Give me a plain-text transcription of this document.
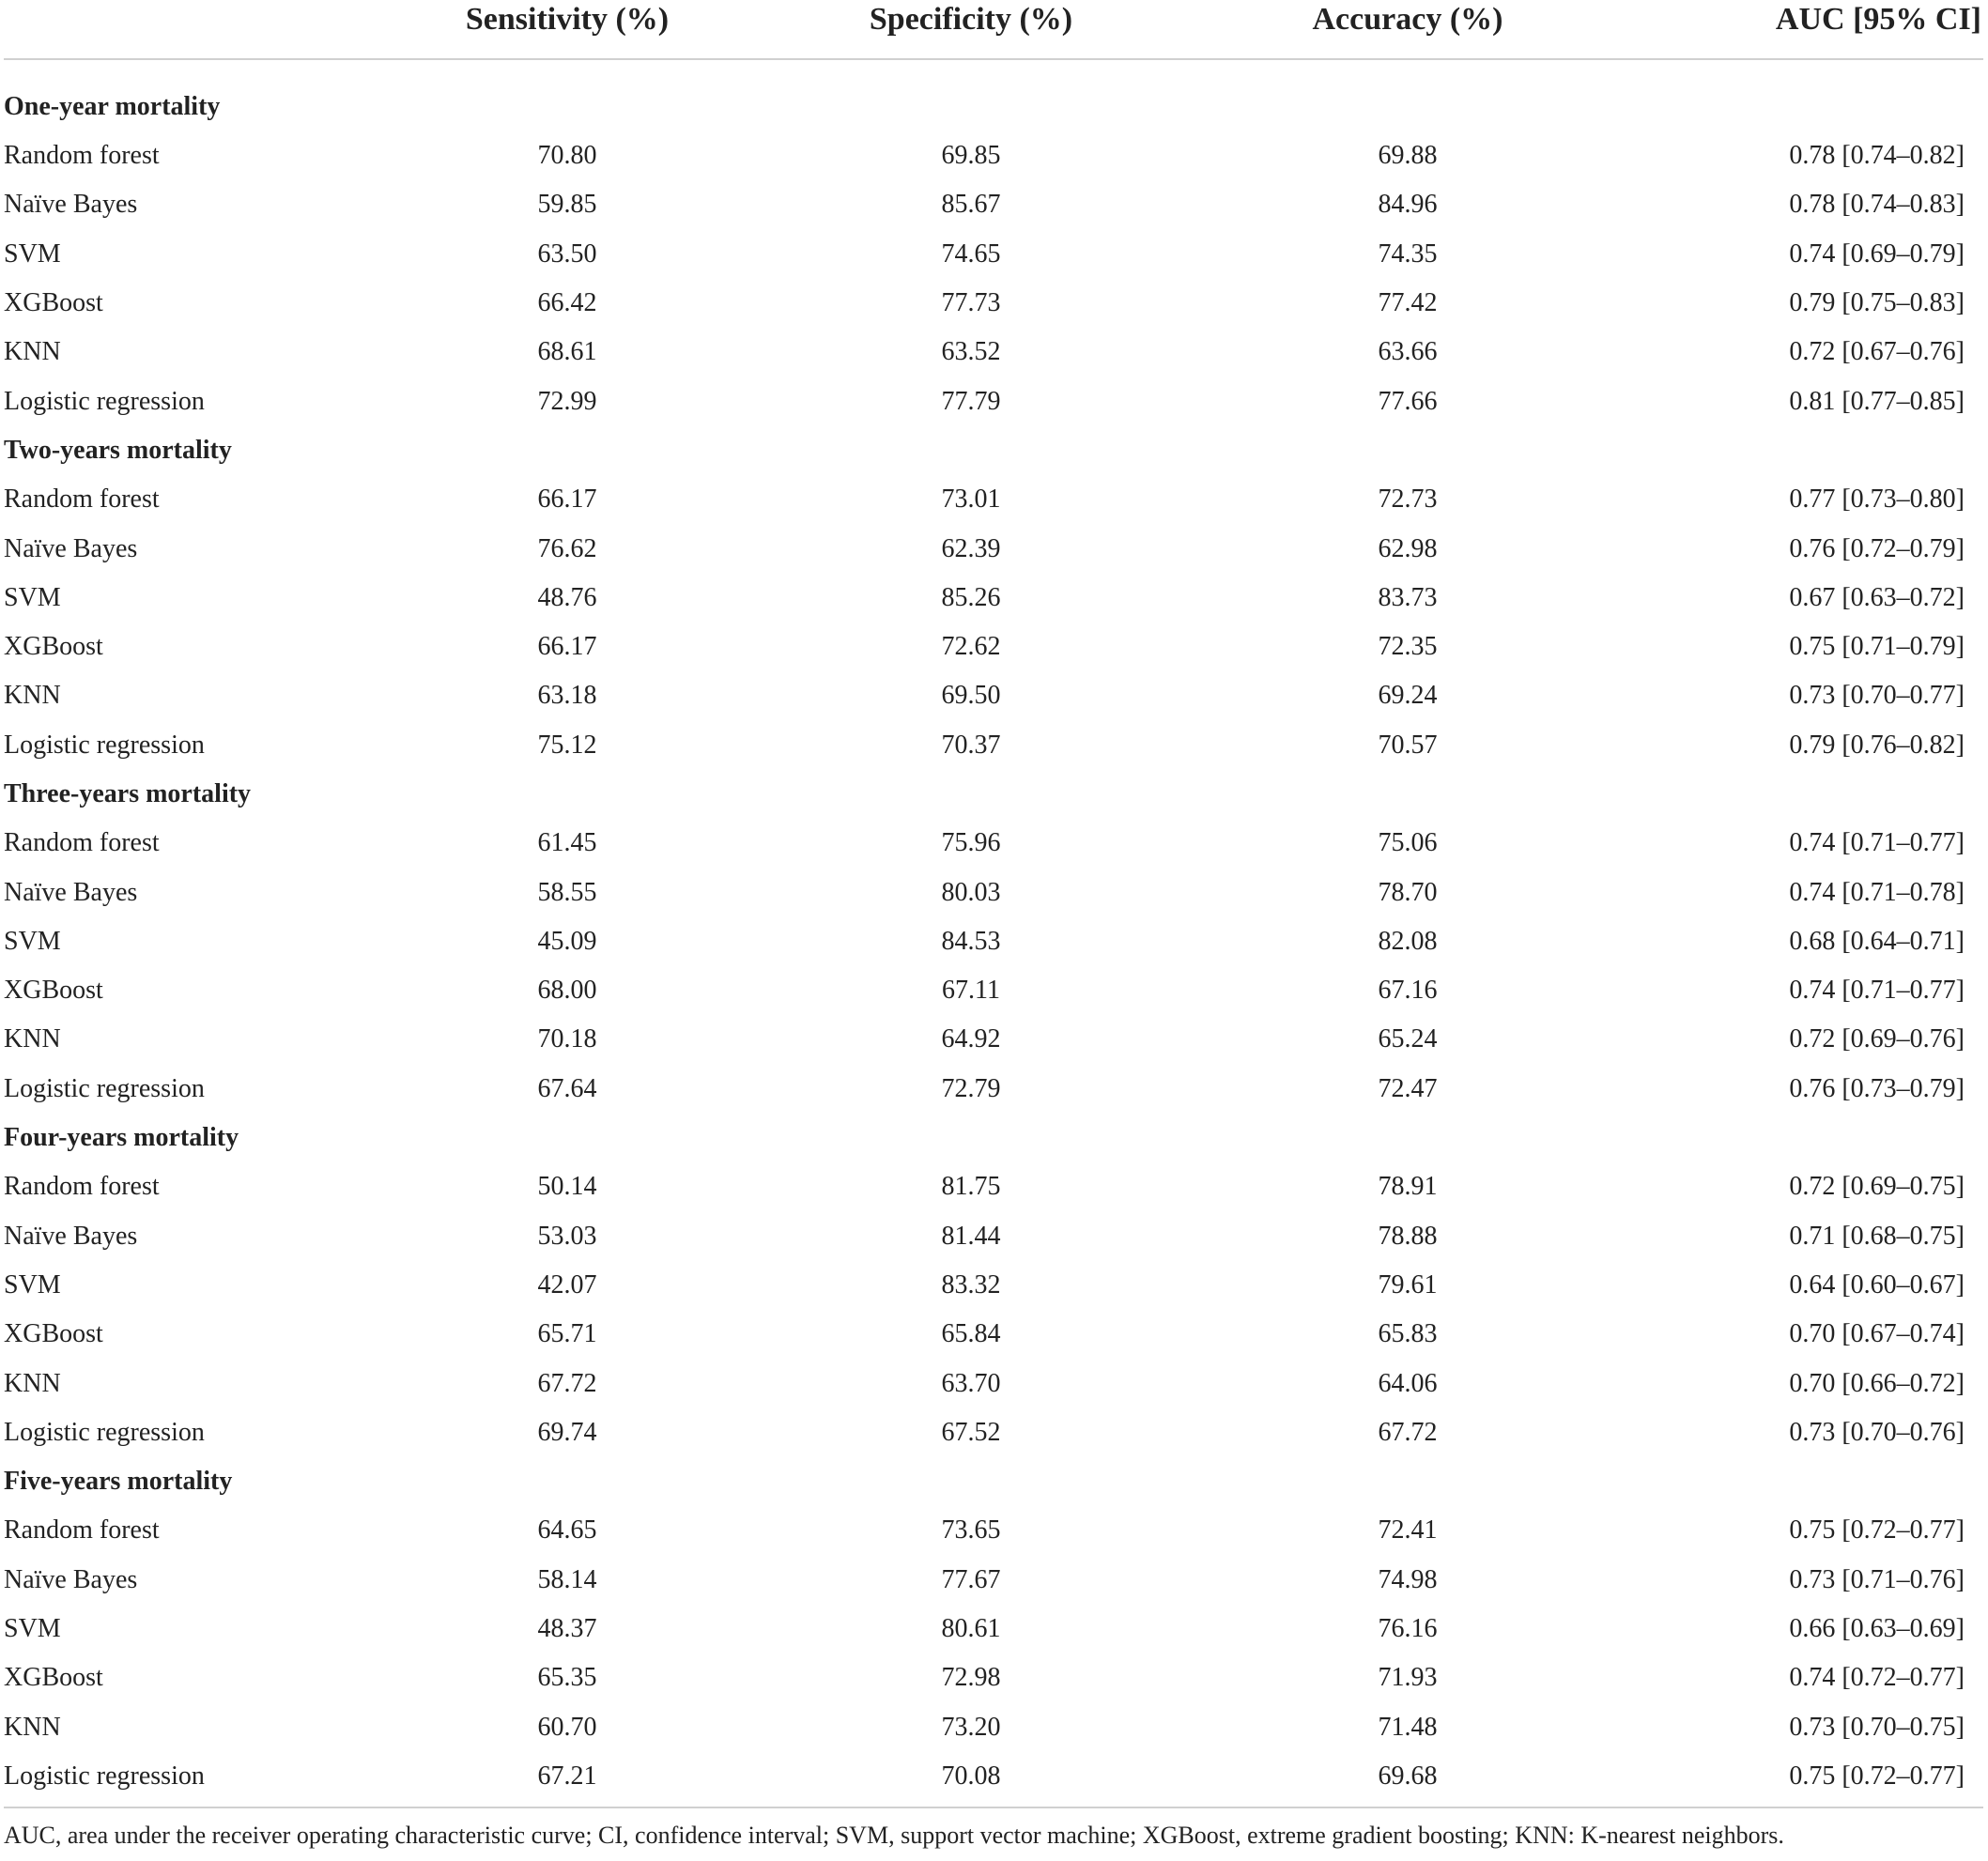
	Sensitivity (%)	Specificity (%)	Accuracy (%)	AUC [95% CI]
One-year mortality				
Random forest	70.80	69.85	69.88	0.78 [0.74–0.82]
Naïve Bayes	59.85	85.67	84.96	0.78 [0.74–0.83]
SVM	63.50	74.65	74.35	0.74 [0.69–0.79]
XGBoost	66.42	77.73	77.42	0.79 [0.75–0.83]
KNN	68.61	63.52	63.66	0.72 [0.67–0.76]
Logistic regression	72.99	77.79	77.66	0.81 [0.77–0.85]
Two-years mortality				
Random forest	66.17	73.01	72.73	0.77 [0.73–0.80]
Naïve Bayes	76.62	62.39	62.98	0.76 [0.72–0.79]
SVM	48.76	85.26	83.73	0.67 [0.63–0.72]
XGBoost	66.17	72.62	72.35	0.75 [0.71–0.79]
KNN	63.18	69.50	69.24	0.73 [0.70–0.77]
Logistic regression	75.12	70.37	70.57	0.79 [0.76–0.82]
Three-years mortality				
Random forest	61.45	75.96	75.06	0.74 [0.71–0.77]
Naïve Bayes	58.55	80.03	78.70	0.74 [0.71–0.78]
SVM	45.09	84.53	82.08	0.68 [0.64–0.71]
XGBoost	68.00	67.11	67.16	0.74 [0.71–0.77]
KNN	70.18	64.92	65.24	0.72 [0.69–0.76]
Logistic regression	67.64	72.79	72.47	0.76 [0.73–0.79]
Four-years mortality				
Random forest	50.14	81.75	78.91	0.72 [0.69–0.75]
Naïve Bayes	53.03	81.44	78.88	0.71 [0.68–0.75]
SVM	42.07	83.32	79.61	0.64 [0.60–0.67]
XGBoost	65.71	65.84	65.83	0.70 [0.67–0.74]
KNN	67.72	63.70	64.06	0.70 [0.66–0.72]
Logistic regression	69.74	67.52	67.72	0.73 [0.70–0.76]
Five-years mortality				
Random forest	64.65	73.65	72.41	0.75 [0.72–0.77]
Naïve Bayes	58.14	77.67	74.98	0.73 [0.71–0.76]
SVM	48.37	80.61	76.16	0.66 [0.63–0.69]
XGBoost	65.35	72.98	71.93	0.74 [0.72–0.77]
KNN	60.70	73.20	71.48	0.73 [0.70–0.75]
Logistic regression	67.21	70.08	69.68	0.75 [0.72–0.77]
AUC, area under the receiver operating characteristic curve; CI, confidence interval; SVM, support vector machine; XGBoost, extreme gradient boosting; KNN: K-nearest neighbors.
